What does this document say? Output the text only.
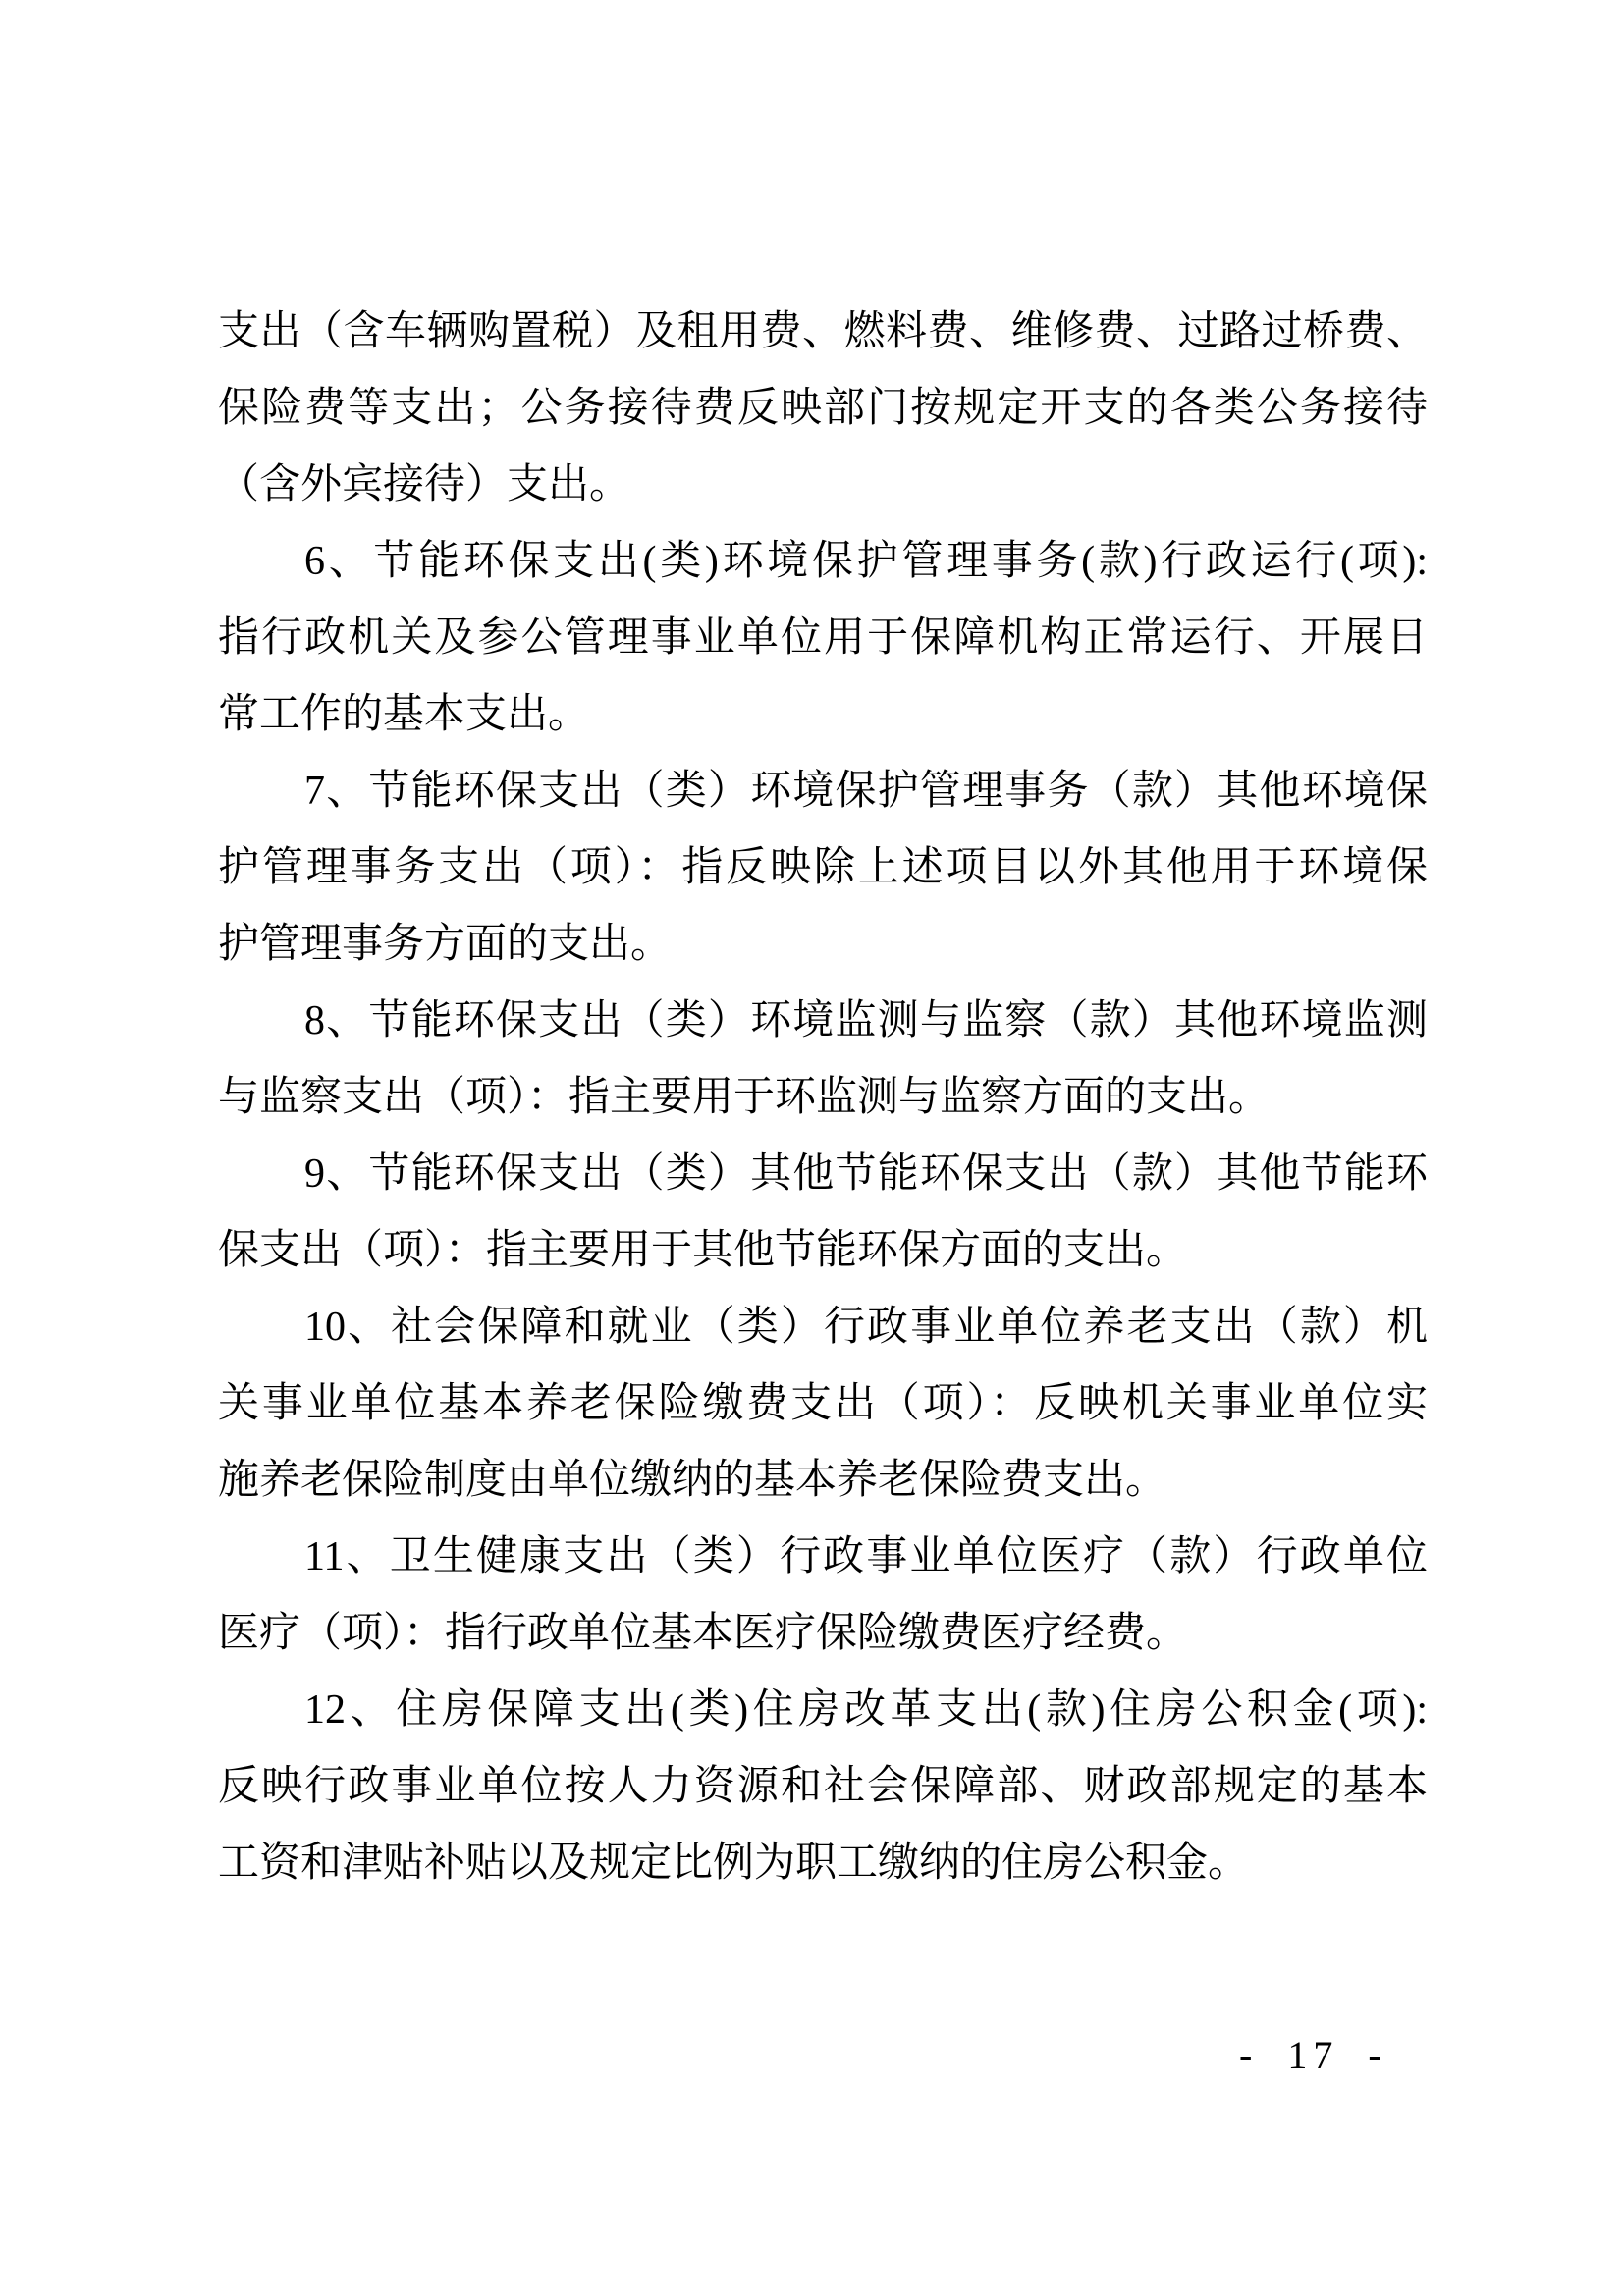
支出（含车辆购置税）及租用费、燃料费、维修费、过路过桥费、
保险费等支出；公务接待费反映部门按规定开支的各类公务接待
（含外宾接待）支出。
6、节能环保支出(类)环境保护管理事务(款)行政运行(项):
指行政机关及参公管理事业单位用于保障机构正常运行、开展日
常工作的基本支出。
7、节能环保支出（类）环境保护管理事务（款）其他环境保
护管理事务支出（项）：指反映除上述项目以外其他用于环境保
护管理事务方面的支出。
8、节能环保支出（类）环境监测与监察（款）其他环境监测
与监察支出（项）：指主要用于环监测与监察方面的支出。
9、节能环保支出（类）其他节能环保支出（款）其他节能环
保支出（项）：指主要用于其他节能环保方面的支出。
10、社会保障和就业（类）行政事业单位养老支出（款）机
关事业单位基本养老保险缴费支出（项）：反映机关事业单位实
施养老保险制度由单位缴纳的基本养老保险费支出。
11、卫生健康支出（类）行政事业单位医疗（款）行政单位
医疗（项）：指行政单位基本医疗保险缴费医疗经费。
12、住房保障支出(类)住房改革支出(款)住房公积金(项):
反映行政事业单位按人力资源和社会保障部、财政部规定的基本
工资和津贴补贴以及规定比例为职工缴纳的住房公积金。
- 17 -
